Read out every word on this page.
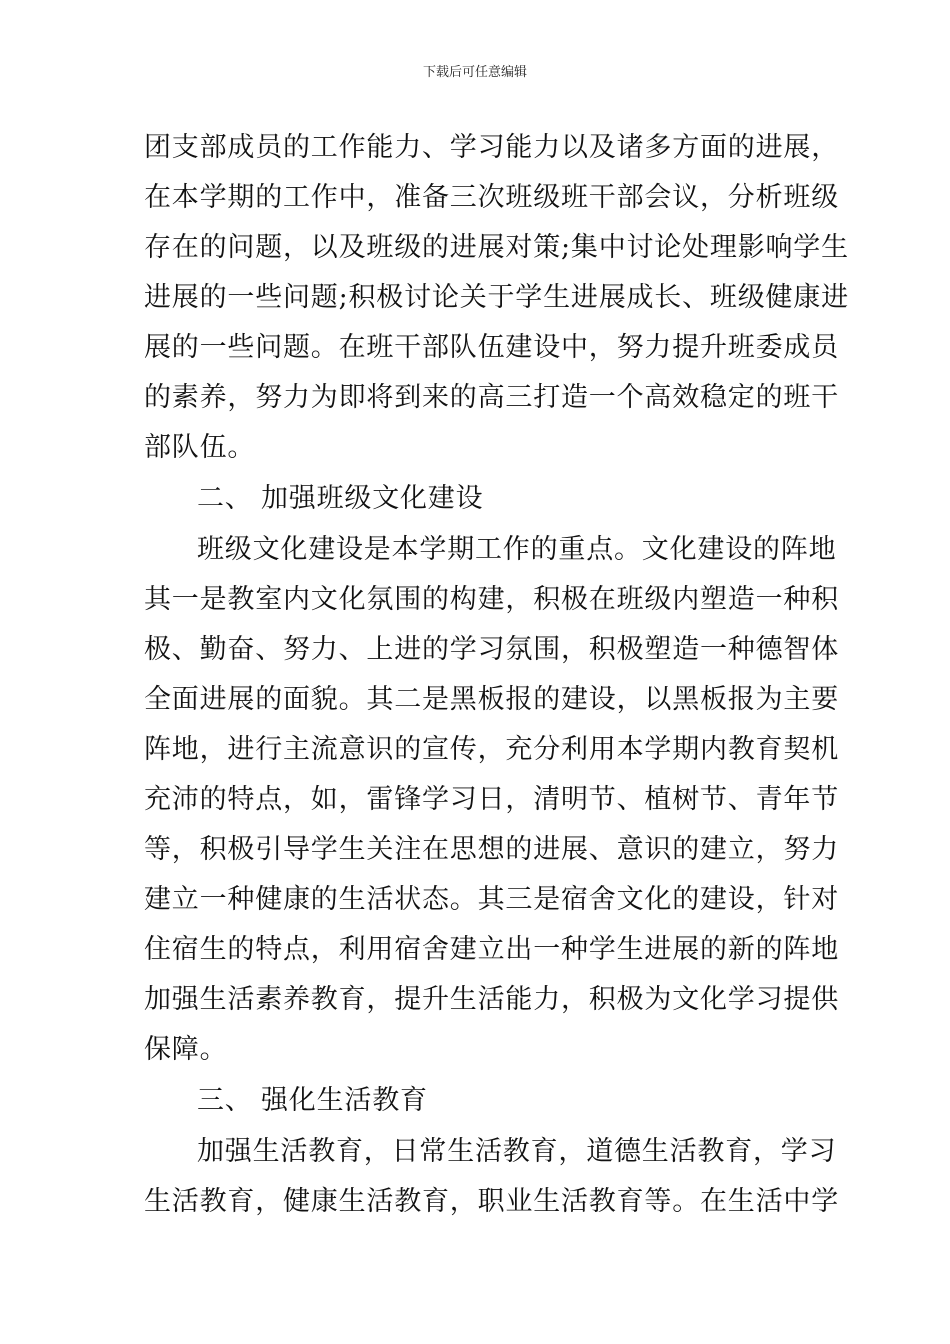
下载后可任意编辑
团支部成员的工作能力、学习能力以及诸多方面的进展，
在本学期的工作中，准备三次班级班干部会议，分析班级
存在的问题，以及班级的进展对策;集中讨论处理影响学生
进展的一些问题;积极讨论关于学生进展成长、班级健康进
展的一些问题。在班干部队伍建设中，努力提升班委成员
的素养，努力为即将到来的高三打造一个高效稳定的班干
部队伍。
二、 加强班级文化建设
班级文化建设是本学期工作的重点。文化建设的阵地
其一是教室内文化氛围的构建，积极在班级内塑造一种积
极、勤奋、努力、上进的学习氛围，积极塑造一种德智体
全面进展的面貌。其二是黑板报的建设，以黑板报为主要
阵地，进行主流意识的宣传，充分利用本学期内教育契机
充沛的特点，如，雷锋学习日，清明节、植树节、青年节
等，积极引导学生关注在思想的进展、意识的建立，努力
建立一种健康的生活状态。其三是宿舍文化的建设，针对
住宿生的特点，利用宿舍建立出一种学生进展的新的阵地
加强生活素养教育，提升生活能力，积极为文化学习提供
保障。
三、 强化生活教育
加强生活教育，日常生活教育，道德生活教育，学习
生活教育，健康生活教育，职业生活教育等。在生活中学
